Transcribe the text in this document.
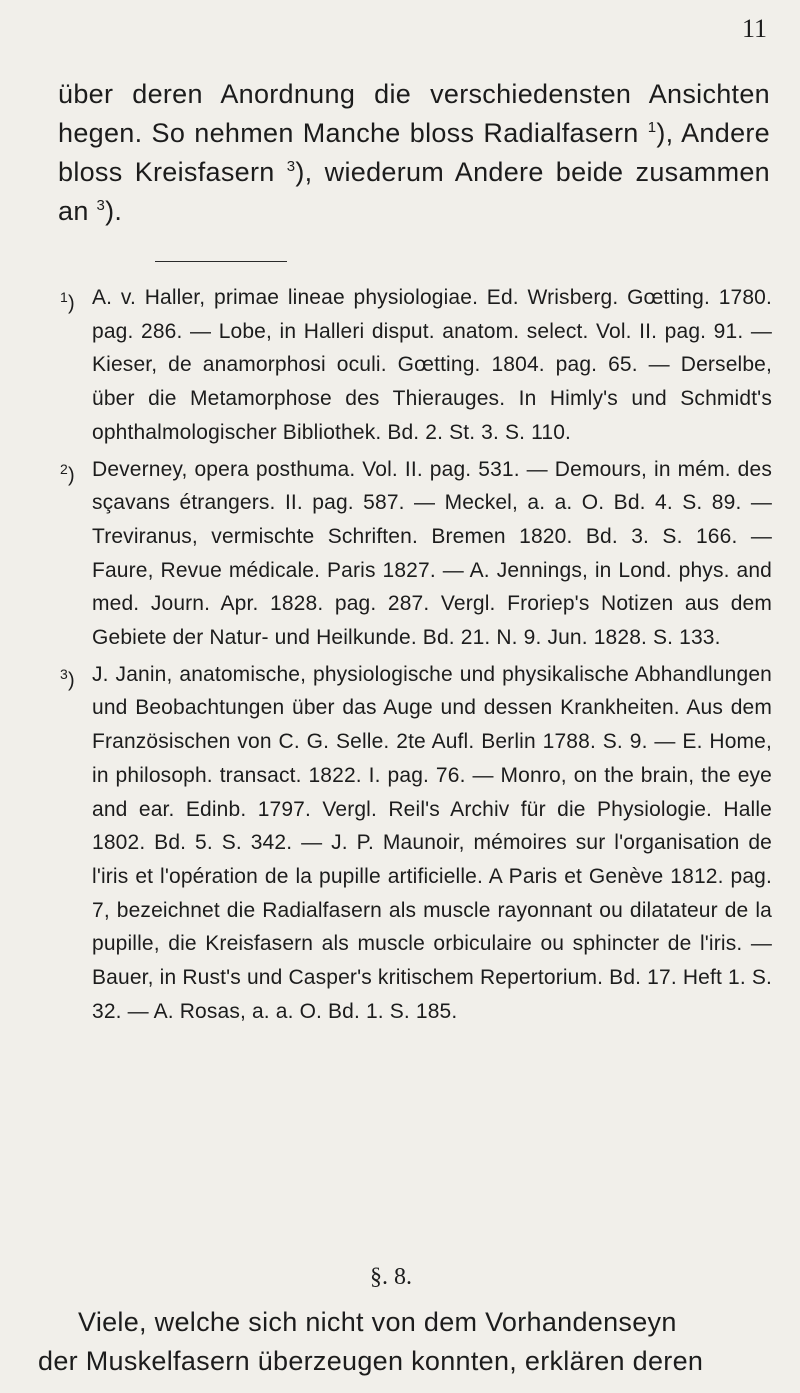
11

über deren Anordnung die verschiedensten Ansichten hegen. So nehmen Manche bloss Radialfasern $^1$), Andere bloss Kreisfasern $^3$), wiederum Andere beide zusammen an $^3$).

$^1$) A. v. Haller, primae lineae physiologiae. Ed. Wrisberg. Gœtting. 1780. pag. 286. — Lobe, in Halleri disput. anatom. select. Vol. II. pag. 91. — Kieser, de anamorphosi oculi. Gœtting. 1804. pag. 65. — Derselbe, über die Metamorphose des Thierauges. In Himly's und Schmidt's ophthalmologischer Bibliothek. Bd. 2. St. 3. S. 110.

$^2$) Deverney, opera posthuma. Vol. II. pag. 531. — Demours, in mém. des sçavans étrangers. II. pag. 587. — Meckel, a. a. O. Bd. 4. S. 89. — Treviranus, vermischte Schriften. Bremen 1820. Bd. 3. S. 166. — Faure, Revue médicale. Paris 1827. — A. Jennings, in Lond. phys. and med. Journ. Apr. 1828. pag. 287. Vergl. Froriep's Notizen aus dem Gebiete der Natur- und Heilkunde. Bd. 21. N. 9. Jun. 1828. S. 133.

$^3$) J. Janin, anatomische, physiologische und physikalische Abhandlungen und Beobachtungen über das Auge und dessen Krankheiten. Aus dem Französischen von C. G. Selle. 2te Aufl. Berlin 1788. S. 9. — E. Home, in philosoph. transact. 1822. I. pag. 76. — Monro, on the brain, the eye and ear. Edinb. 1797. Vergl. Reil's Archiv für die Physiologie. Halle 1802. Bd. 5. S. 342. — J. P. Maunoir, mémoires sur l'organisation de l'iris et l'opération de la pupille artificielle. A Paris et Genève 1812. pag. 7, bezeichnet die Radialfasern als muscle rayonnant ou dilatateur de la pupille, die Kreisfasern als muscle orbiculaire ou sphincter de l'iris. — Bauer, in Rust's und Casper's kritischem Repertorium. Bd. 17. Heft 1. S. 32. — A. Rosas, a. a. O. Bd. 1. S. 185.

§. 8.

Viele, welche sich nicht von dem Vorhandenseyn
der Muskelfasern überzeugen konnten, erklären deren
